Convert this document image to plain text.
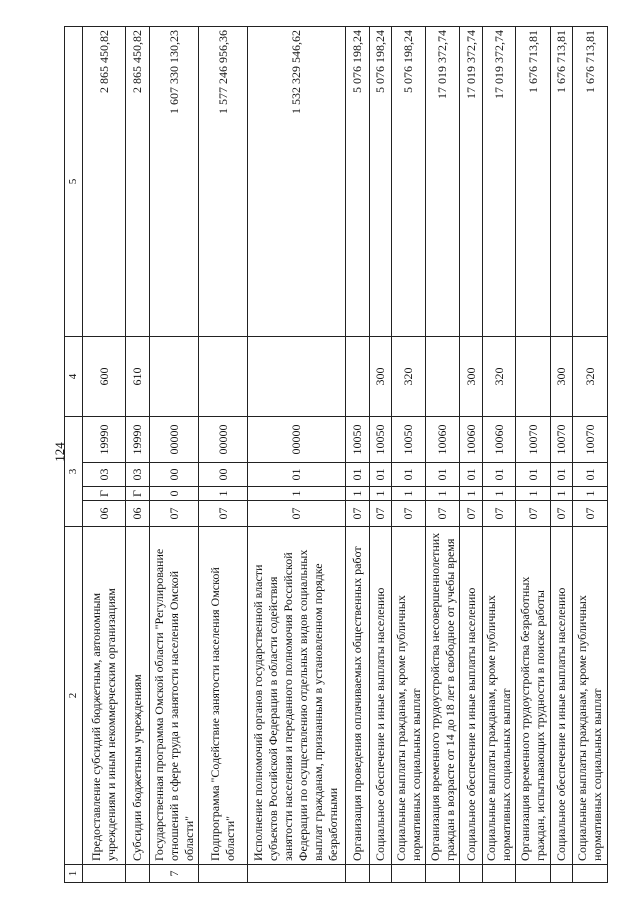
124
1	2	3				4	5
	Предоставление субсидий бюджетным, автономным учреждениям и иным некоммерческим организациям	06	Г	03	19990	600	2 865 450,82
	Субсидии бюджетным учреждениям	06	Г	03	19990	610	2 865 450,82
7	Государственная программа Омской области "Регулирование отношений в сфере труда и занятости населения Омской области"	07	0	00	00000		1 607 330 130,23
	Подпрограмма "Содействие занятости населения Омской области"	07	1	00	00000		1 577 246 956,36
	Исполнение полномочий органов государственной власти субъектов Российской Федерации в области содействия занятости населения и переданного полномочия Российской Федерации по осуществлению отдельных видов социальных выплат гражданам, признанным в установленном порядке безработными	07	1	01	00000		1 532 329 546,62
	Организация проведения оплачиваемых общественных работ	07	1	01	10050		5 076 198,24
	Социальное обеспечение и иные выплаты населению	07	1	01	10050	300	5 076 198,24
	Социальные выплаты гражданам, кроме публичных нормативных социальных выплат	07	1	01	10050	320	5 076 198,24
	Организация временного трудоустройства несовершеннолетних граждан в возрасте от 14 до 18 лет в свободное от учебы время	07	1	01	10060		17 019 372,74
	Социальное обеспечение и иные выплаты населению	07	1	01	10060	300	17 019 372,74
	Социальные выплаты гражданам, кроме публичных нормативных социальных выплат	07	1	01	10060	320	17 019 372,74
	Организация временного трудоустройства безработных граждан, испытывающих трудности в поиске работы	07	1	01	10070		1 676 713,81
	Социальное обеспечение и иные выплаты населению	07	1	01	10070	300	1 676 713,81
	Социальные выплаты гражданам, кроме публичных нормативных социальных выплат	07	1	01	10070	320	1 676 713,81
